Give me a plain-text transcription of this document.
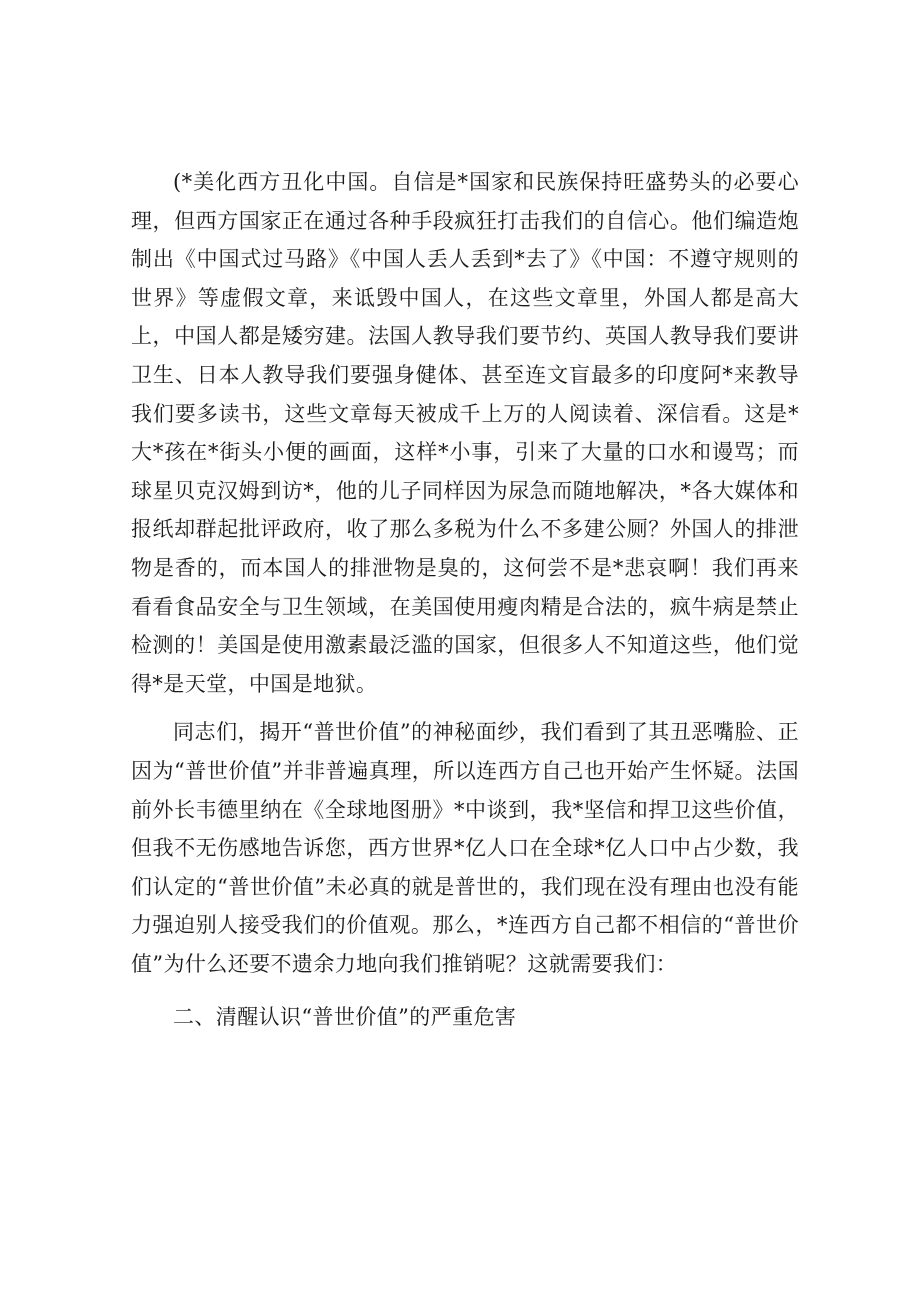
(*美化西方丑化中国。自信是*国家和民族保持旺盛势头的必要心理，但西方国家正在通过各种手段疯狂打击我们的自信心。他们编造炮制出《中国式过马路》《中国人丢人丢到*去了》《中国：不遵守规则的世界》等虚假文章，来诋毁中国人，在这些文章里，外国人都是高大上，中国人都是矮穷建。法国人教导我们要节约、英国人教导我们要讲卫生、日本人教导我们要强身健体、甚至连文盲最多的印度阿*来教导我们要多读书，这些文章每天被成千上万的人阅读着、深信看。这是*大*孩在*街头小便的画面，这样*小事，引来了大量的口水和谩骂；而球星贝克汉姆到访*，他的儿子同样因为尿急而随地解决，*各大媒体和报纸却群起批评政府，收了那么多税为什么不多建公厕？外国人的排泄物是香的，而本国人的排泄物是臭的，这何尝不是*悲哀啊！我们再来看看食品安全与卫生领域，在美国使用瘦肉精是合法的，疯牛病是禁止检测的！美国是使用激素最泛滥的国家，但很多人不知道这些，他们觉得*是天堂，中国是地狱。

同志们，揭开“普世价值”的神秘面纱，我们看到了其丑恶嘴脸、正因为“普世价值”并非普遍真理，所以连西方自己也开始产生怀疑。法国前外长韦德里纳在《全球地图册》*中谈到，我*坚信和捍卫这些价值，但我不无伤感地告诉您，西方世界*亿人口在全球*亿人口中占少数，我们认定的“普世价值”未必真的就是普世的，我们现在没有理由也没有能力强迫别人接受我们的价值观。那么，*连西方自己都不相信的“普世价值”为什么还要不遗余力地向我们推销呢？这就需要我们：

二、清醒认识“普世价值”的严重危害
